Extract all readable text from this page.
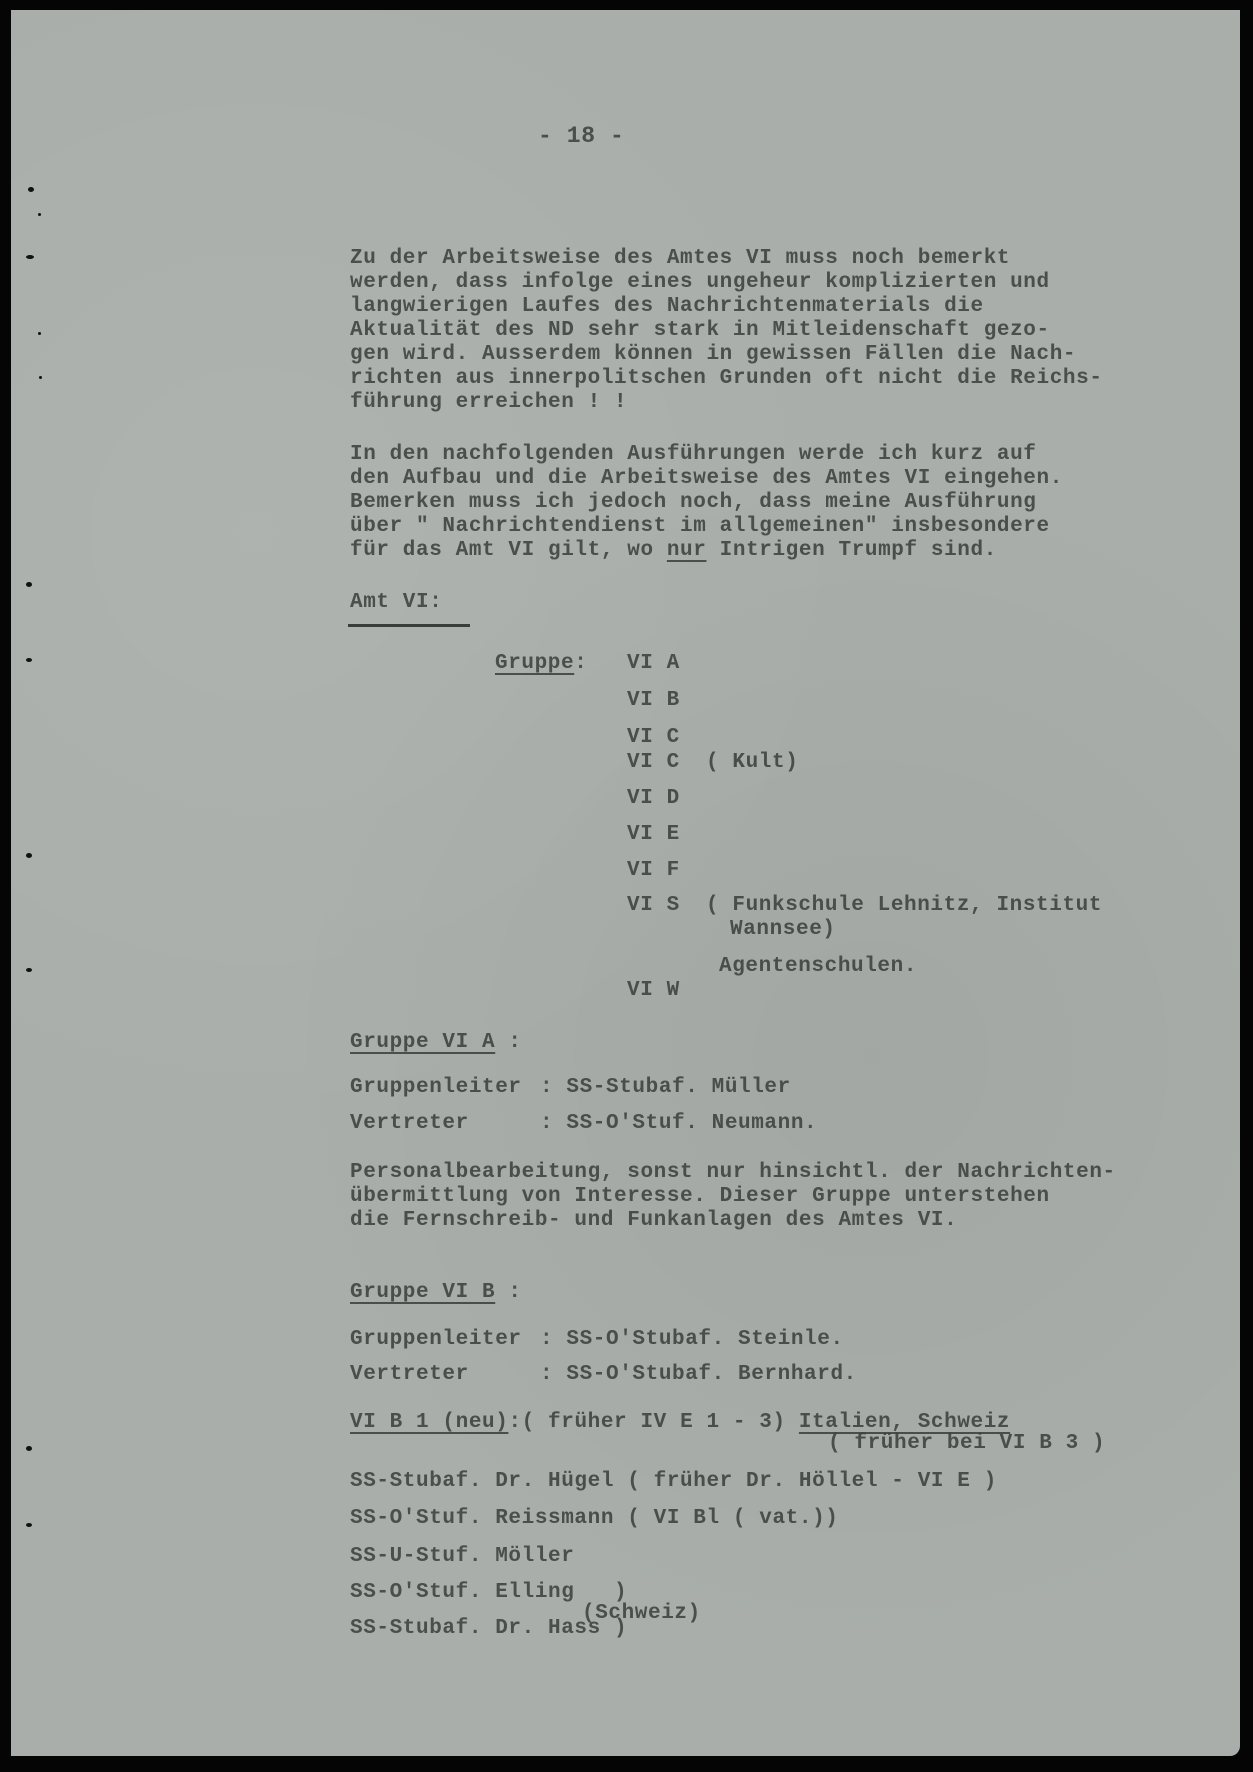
- 18 -
Zu der Arbeitsweise des Amtes VI muss noch bemerkt
werden, dass infolge eines ungeheur komplizierten und
langwierigen Laufes des Nachrichtenmaterials die
Aktualität des ND sehr stark in Mitleidenschaft gezo-
gen wird. Ausserdem können in gewissen Fällen die Nach-
richten aus innerpolitschen Grunden oft nicht die Reichs-
führung erreichen ! !
In den nachfolgenden Ausführungen werde ich kurz auf
den Aufbau und die Arbeitsweise des Amtes VI eingehen.
Bemerken muss ich jedoch noch, dass meine Ausführung
über " Nachrichtendienst im allgemeinen" insbesondere
für das Amt VI gilt, wo nur Intrigen Trumpf sind.
Amt VI:
Gruppe: VI A
VI B
VI C
VI C ( Kult)
VI D
VI E
VI F
VI S ( Funkschule Lehnitz, Institut
Wannsee)
Agentenschulen.
VI W
Gruppe VI A :
Gruppenleiter : SS-Stubaf. Müller
Vertreter	: SS-O'Stuf. Neumann.
Personalbearbeitung, sonst nur hinsichtl. der Nachrichten-
übermittlung von Interesse. Dieser Gruppe unterstehen
die Fernschreib- und Funkanlagen des Amtes VI.
Gruppe VI B :
Gruppenleiter : SS-O'Stubaf. Steinle.
Vertreter	: SS-O'Stubaf. Bernhard.
VI B 1 (neu):( früher IV E 1 - 3) Italien, Schweiz
( früher bei VI B 3 )
SS-Stubaf. Dr. Hügel ( früher Dr. Höllel - VI E )
SS-O'Stuf. Reissmann ( VI Bl ( vat.))
SS-U-Stuf. Möller
SS-O'Stuf. Elling   )
SS-Stubaf. Dr. Hass )
(Schweiz)
